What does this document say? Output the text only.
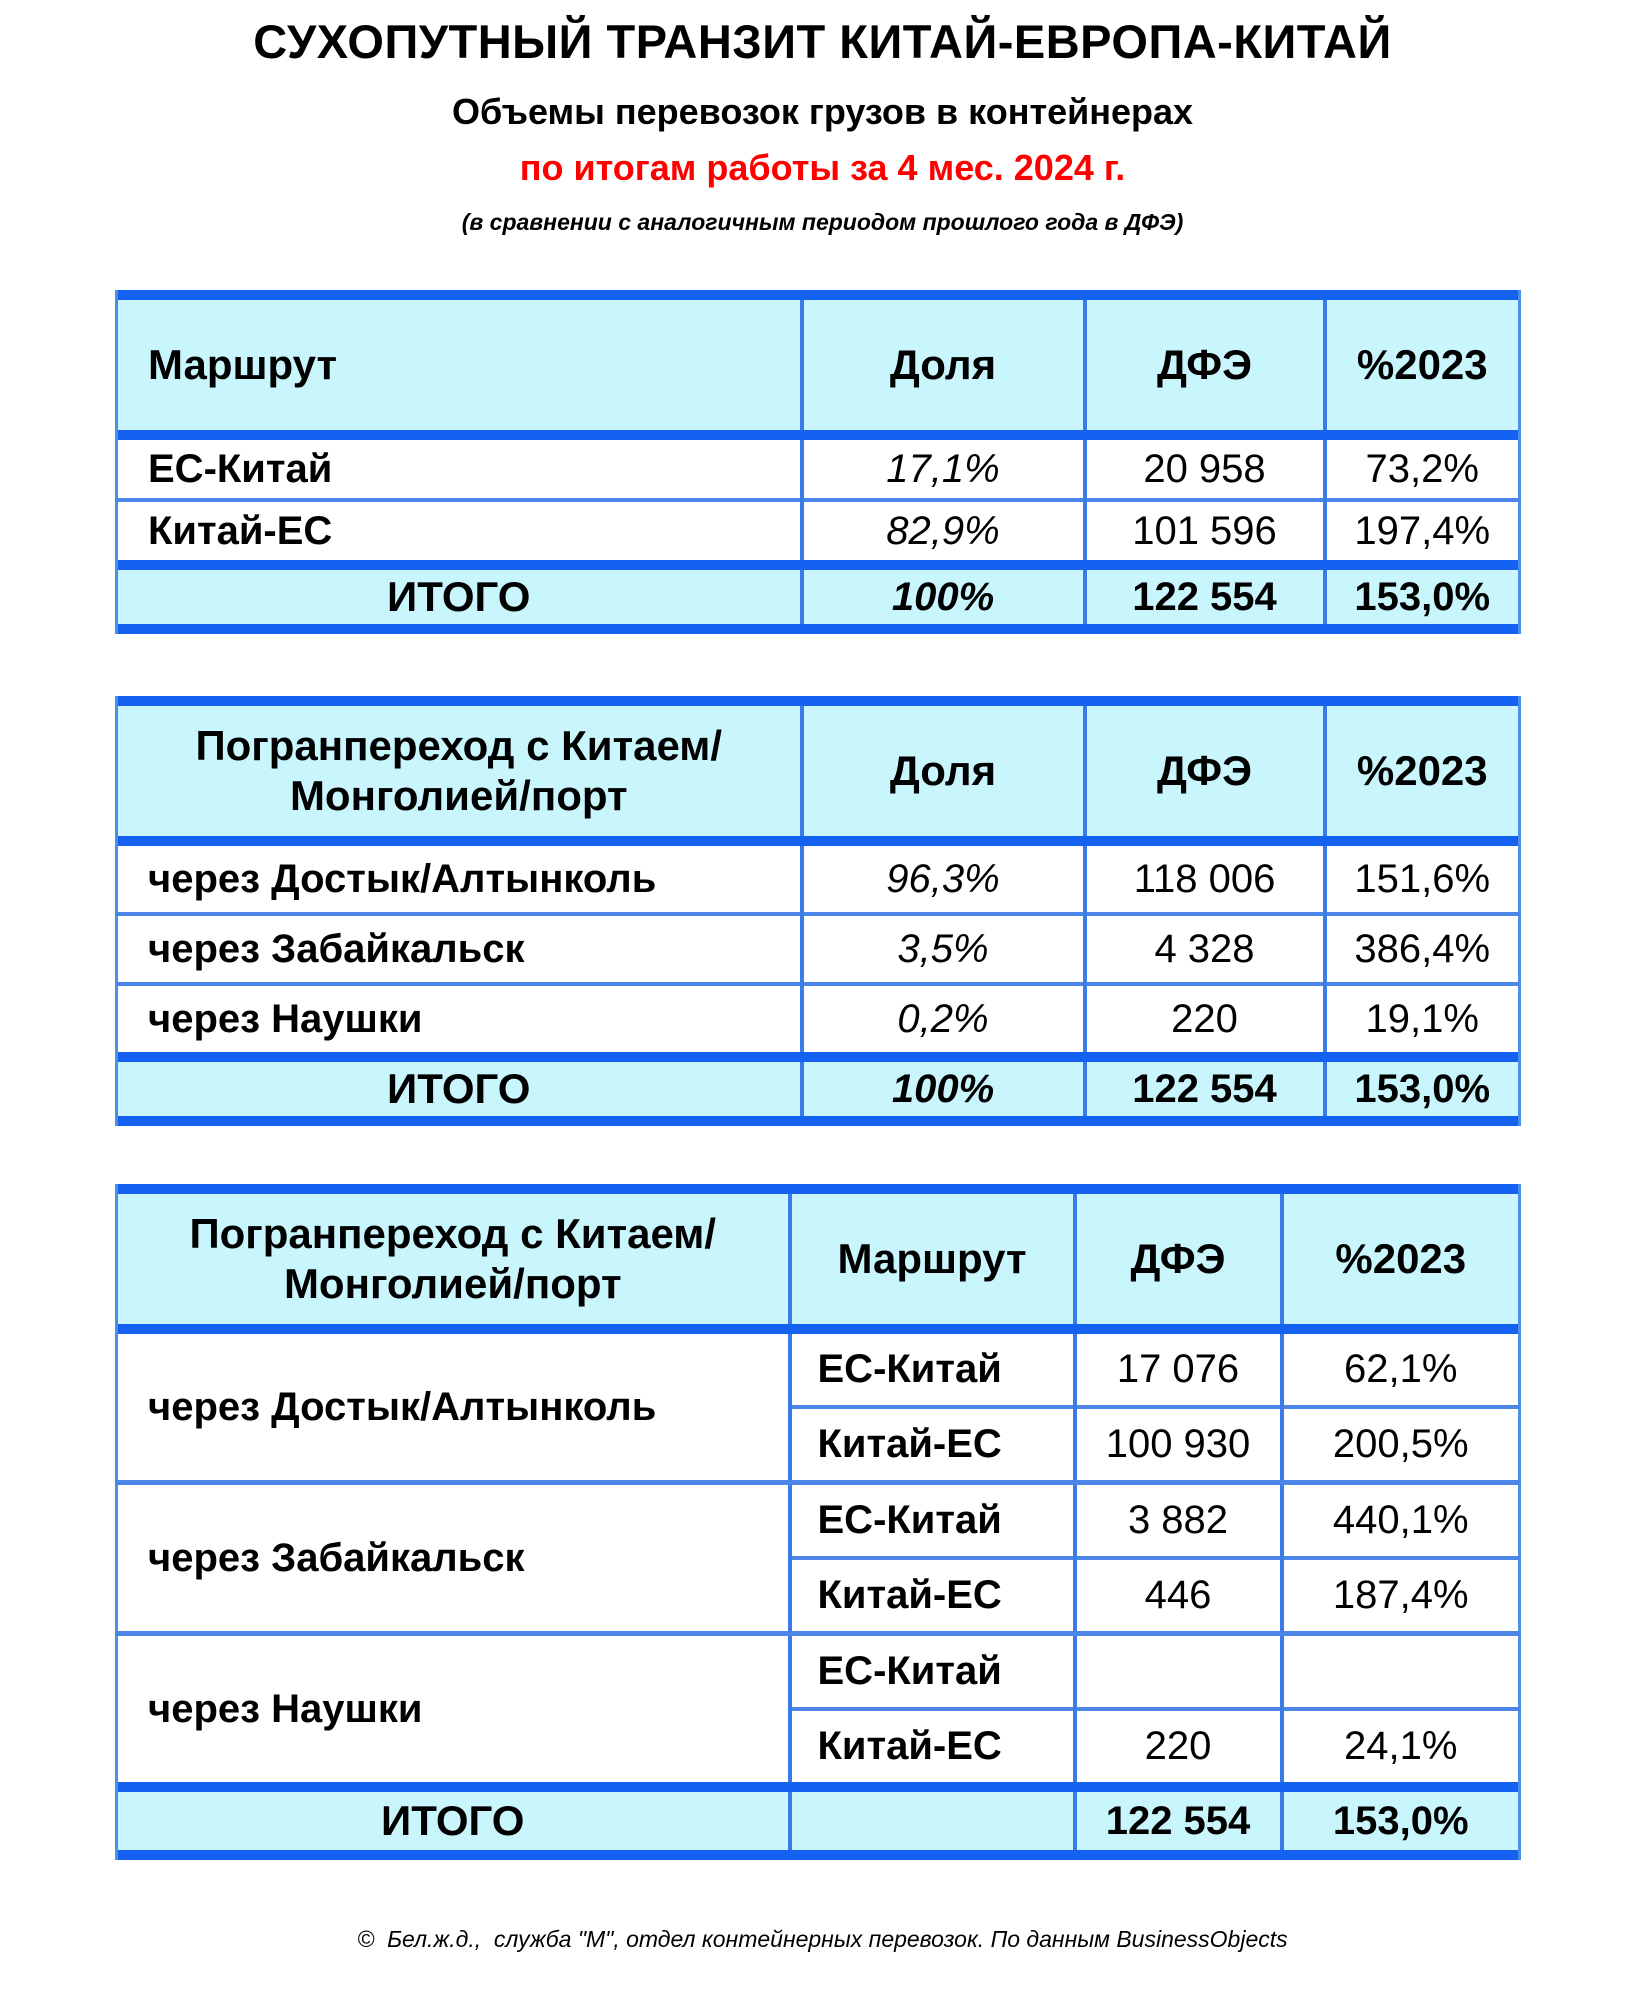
СУХОПУТНЫЙ ТРАНЗИТ КИТАЙ-ЕВРОПА-КИТАЙ
Объемы перевозок грузов в контейнерах
по итогам работы за 4 мес. 2024 г.
(в сравнении с аналогичным периодом прошлого года в ДФЭ)

Маршрут	Доля	ДФЭ	%2023

ЕС-Китай	17,1%	20 958	73,2%
Китай-ЕС	82,9%	101 596	197,4%

ИТОГО	100%	122 554	153,0%

Погранпереход с Китаем/Монголией/порт	Доля	ДФЭ	%2023

через Достык/Алтынколь	96,3%	118 006	151,6%
через Забайкальск	3,5%	4 328	386,4%
через Наушки	0,2%	220	19,1%

ИТОГО	100%	122 554	153,0%

Погранпереход с Китаем/Монголией/порт	Маршрут	ДФЭ	%2023

через Достык/Алтынколь	ЕС-Китай	17 076	62,1%
	Китай-ЕС	100 930	200,5%
через Забайкальск	ЕС-Китай	3 882	440,1%
	Китай-ЕС	446	187,4%
через Наушки	ЕС-Китай		
	Китай-ЕС	220	24,1%

ИТОГО		122 554	153,0%

©  Бел.ж.д.,  служба "М", отдел контейнерных перевозок. По данным BusinessObjects
